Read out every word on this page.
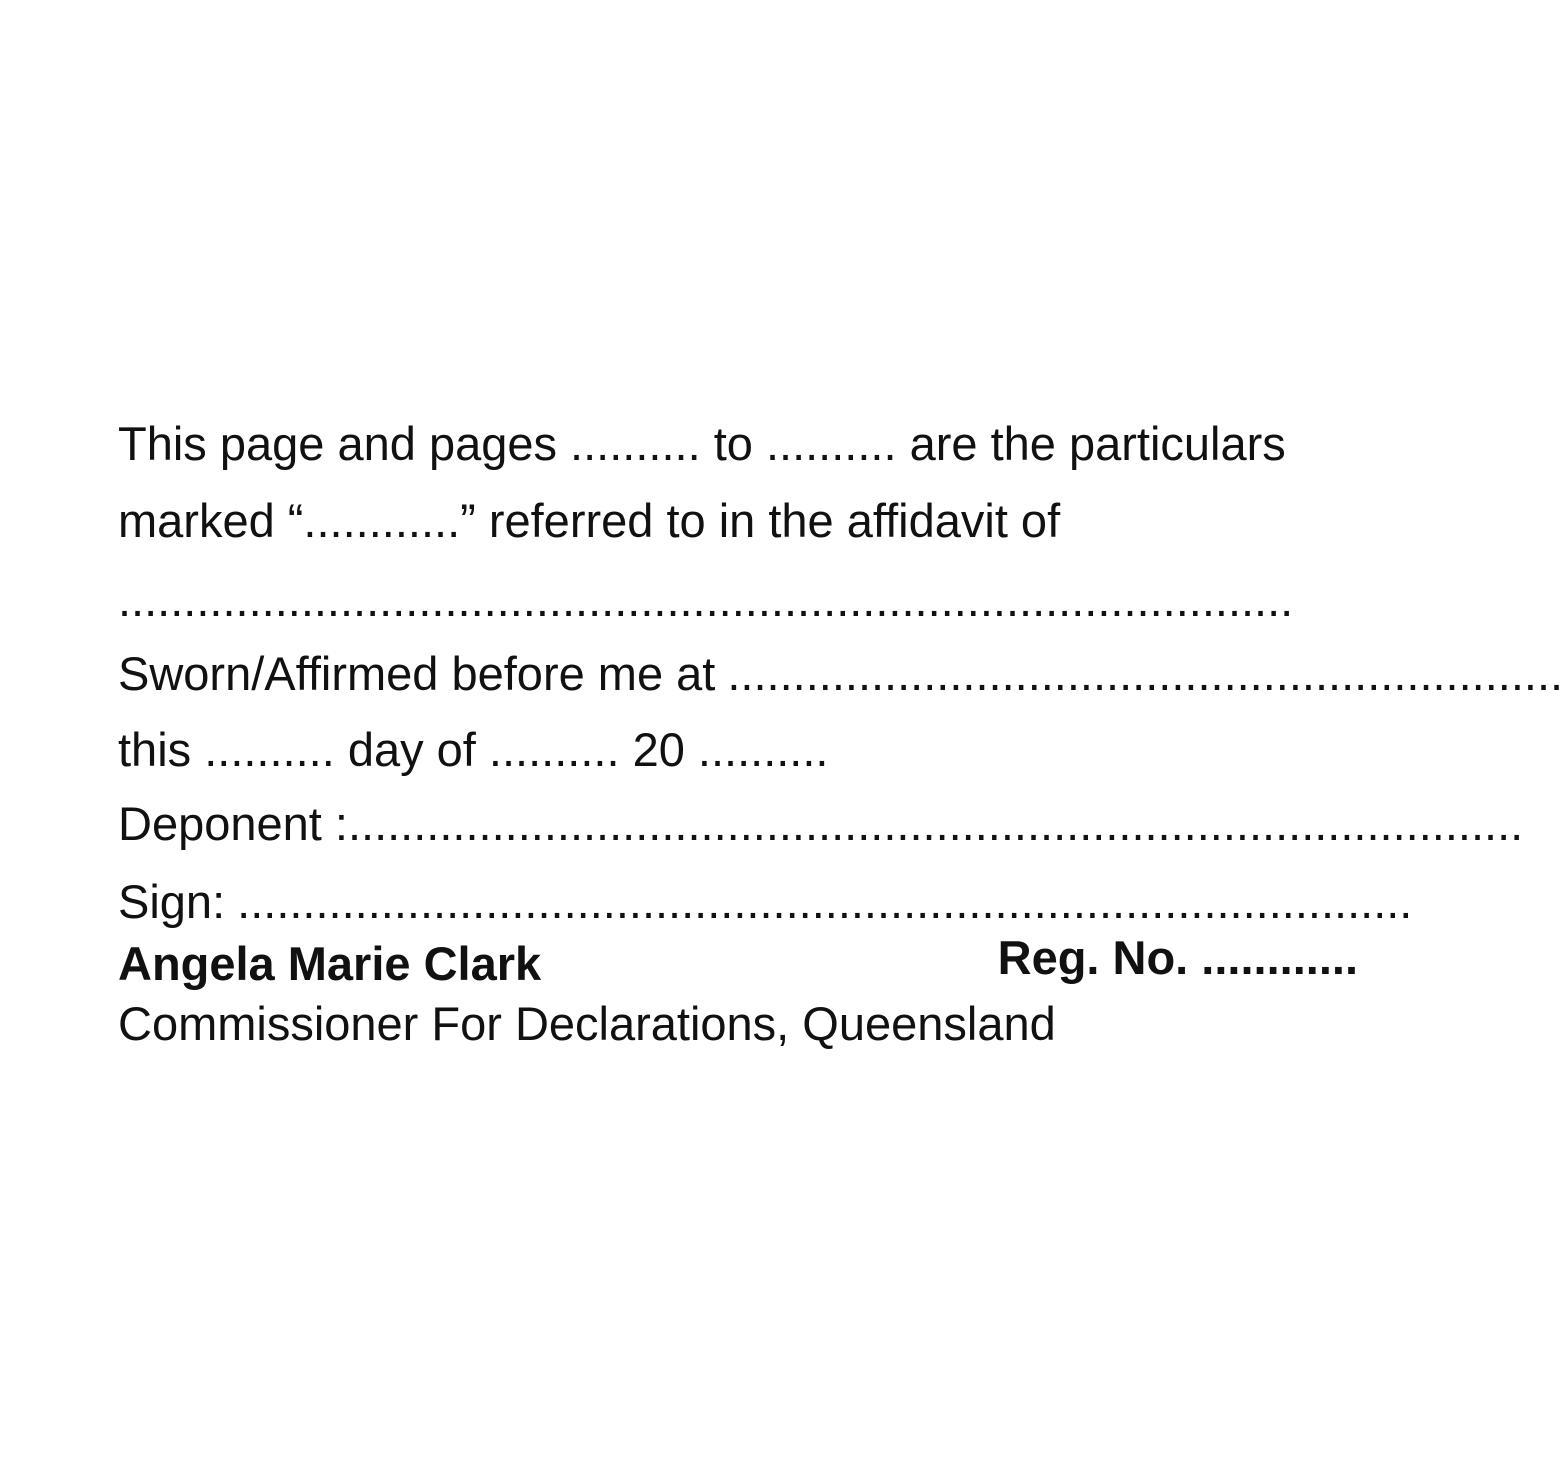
This page and pages .......... to .......... are the particulars
marked “............” referred to in the affidavit of
..........................................................................................
Sworn/Affirmed before me at ................................................................
this .......... day of .......... 20 ..........
Deponent : ..........................................................................................
Sign: ..........................................................................................
Angela Marie Clark	Reg. No. ............
Commissioner For Declarations, Queensland
